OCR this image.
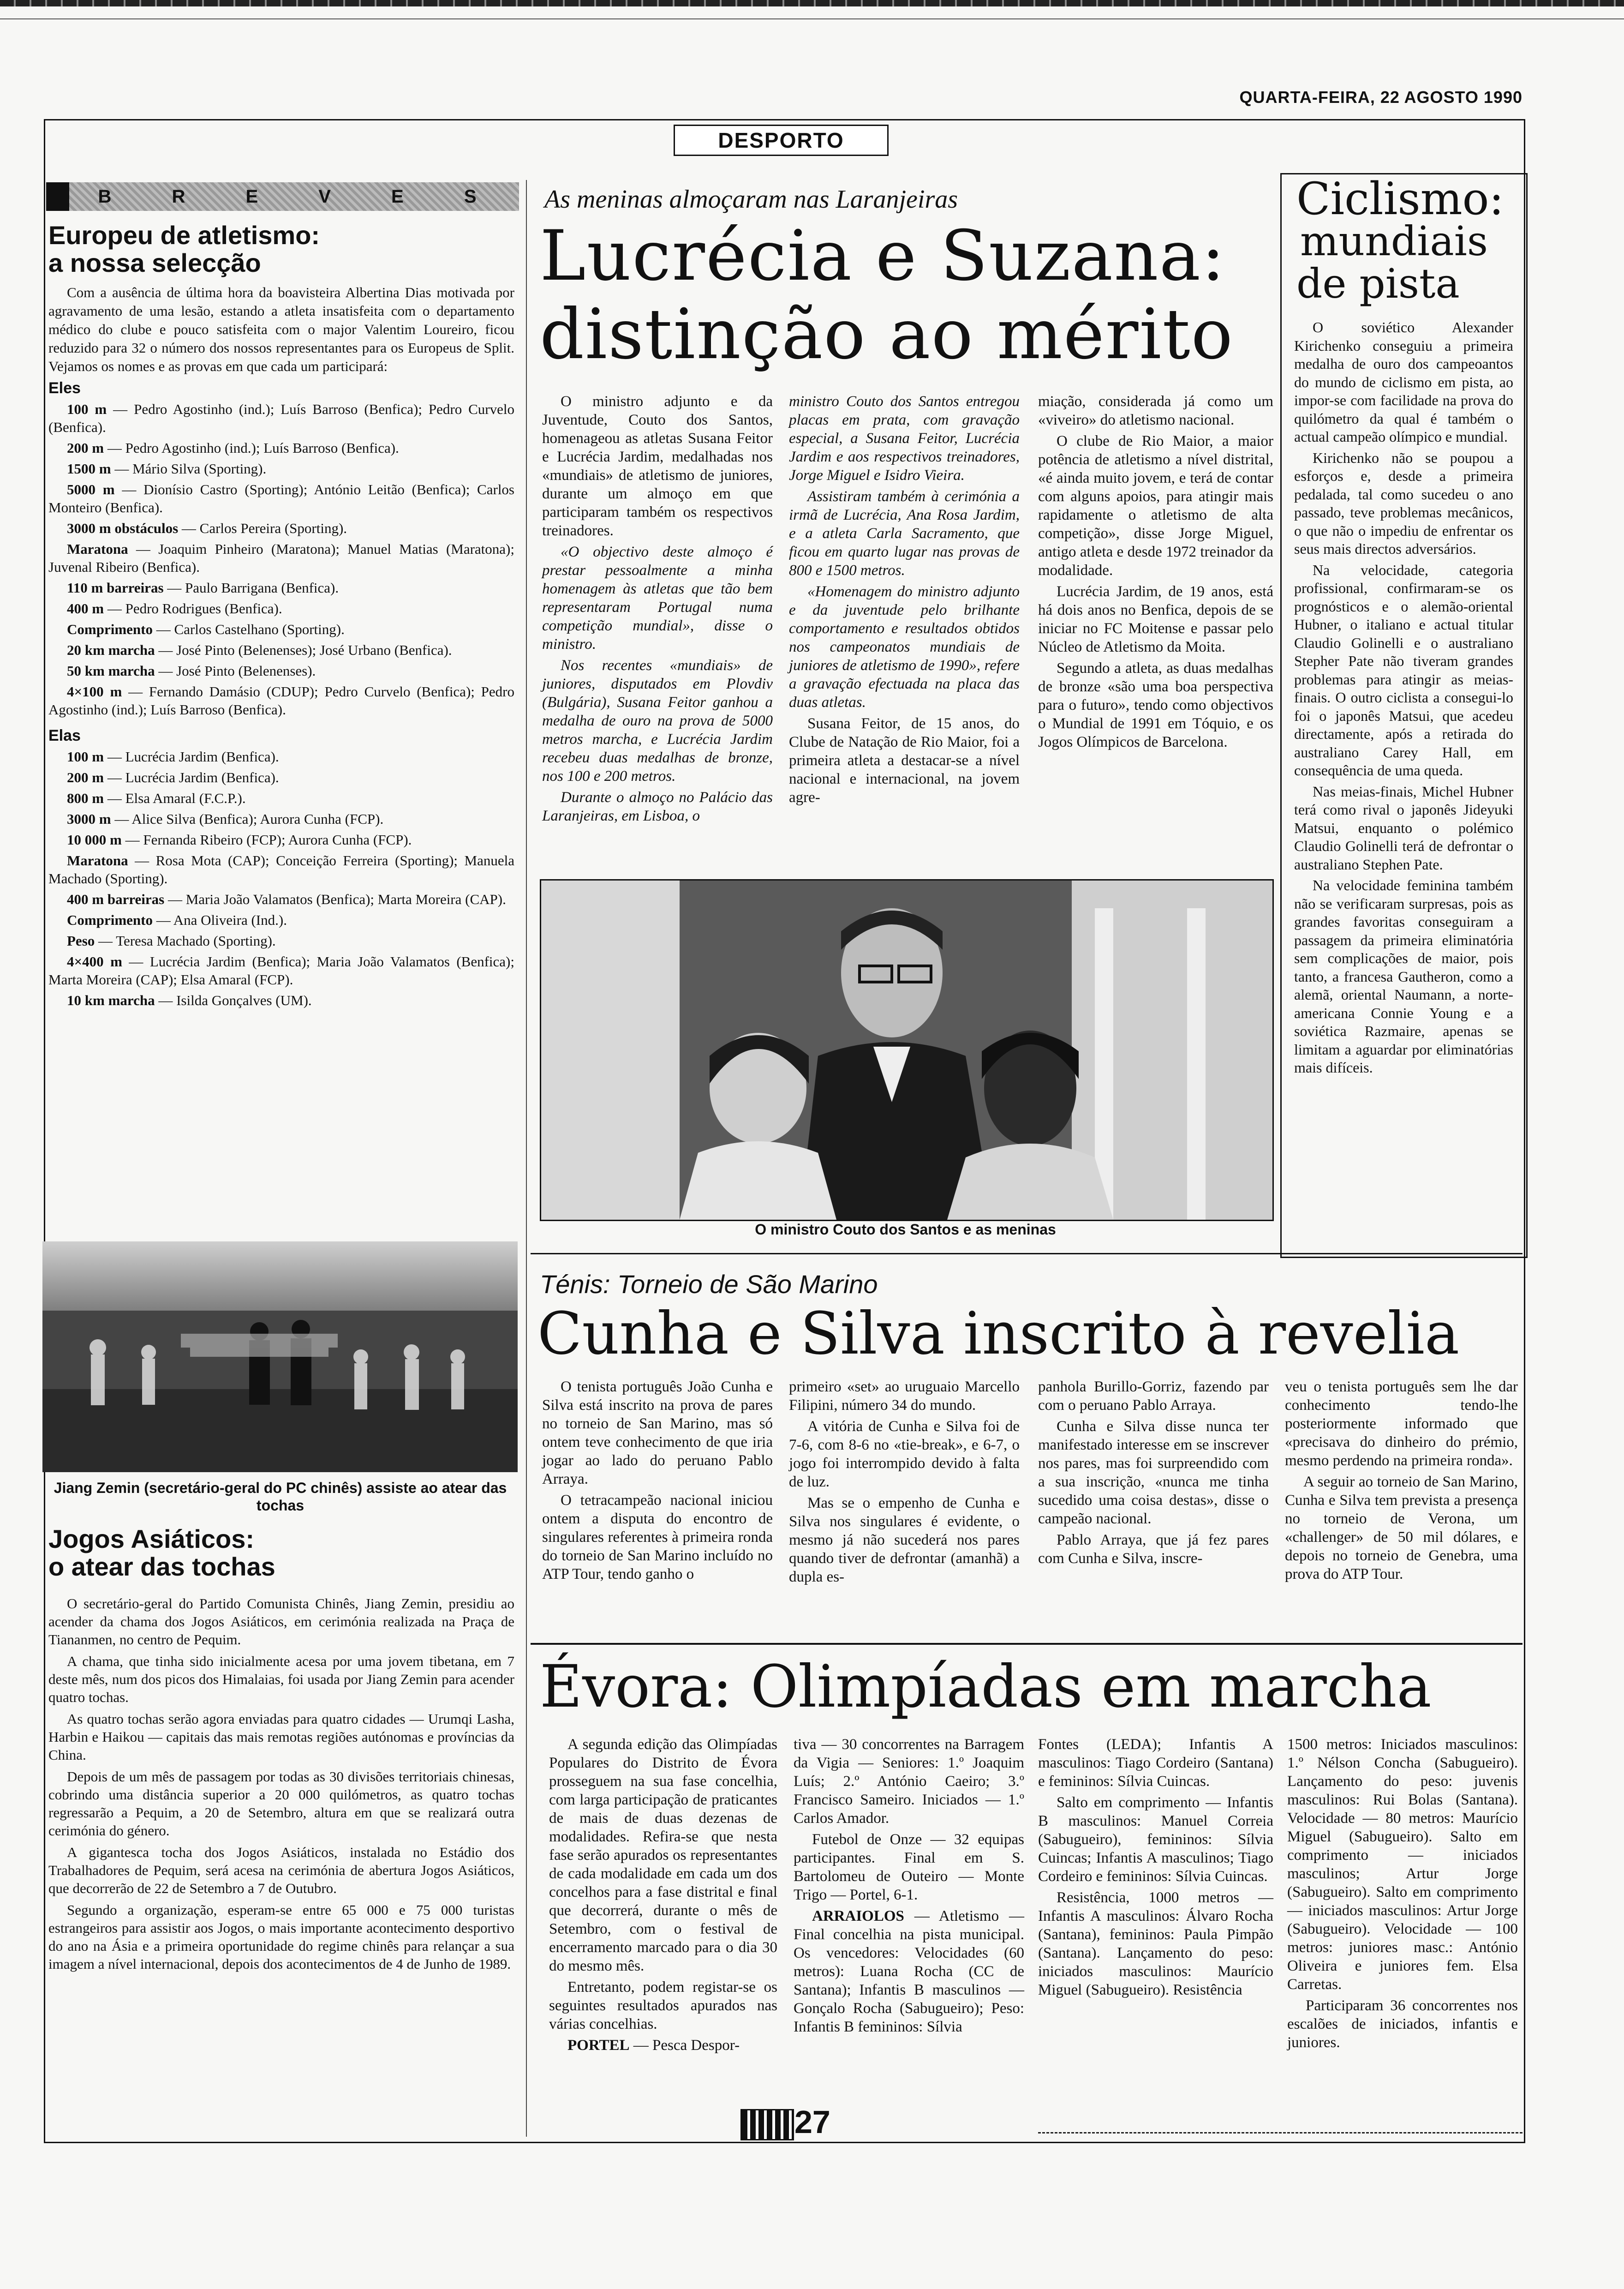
QUARTA-FEIRA, 22 AGOSTO 1990
DESPORTO
B R E V E S
Europeu de atletismo:
a nossa selecção
Com a ausência de última hora da boavisteira Albertina Dias motivada por agravamento de uma lesão, estando a atleta insatisfeita com o departamento médico do clube e pouco satisfeita com o major Valentim Loureiro, ficou reduzido para 32 o número dos nossos representantes para os Europeus de Split. Vejamos os nomes e as provas em que cada um participará:
Eles

100 m — Pedro Agostinho (ind.); Luís Barroso (Benfica); Pedro Curvelo (Benfica).

200 m — Pedro Agostinho (ind.); Luís Barroso (Benfica).

1500 m — Mário Silva (Sporting).

5000 m — Dionísio Castro (Sporting); António Leitão (Benfica); Carlos Monteiro (Benfica).

3000 m obstáculos — Carlos Pereira (Sporting).

Maratona — Joaquim Pinheiro (Maratona); Manuel Matias (Maratona); Juvenal Ribeiro (Benfica).

110 m barreiras — Paulo Barrigana (Benfica).

400 m — Pedro Rodrigues (Benfica).

Comprimento — Carlos Castelhano (Sporting).

20 km marcha — José Pinto (Belenenses); José Urbano (Benfica).

50 km marcha — José Pinto (Belenenses).

4×100 m — Fernando Damásio (CDUP); Pedro Curvelo (Benfica); Pedro Agostinho (ind.); Luís Barroso (Benfica).

Elas

100 m — Lucrécia Jardim (Benfica).

200 m — Lucrécia Jardim (Benfica).

800 m — Elsa Amaral (F.C.P.).

3000 m — Alice Silva (Benfica); Aurora Cunha (FCP).

10 000 m — Fernanda Ribeiro (FCP); Aurora Cunha (FCP).

Maratona — Rosa Mota (CAP); Conceição Ferreira (Sporting); Manuela Machado (Sporting).

400 m barreiras — Maria João Valamatos (Benfica); Marta Moreira (CAP).

Comprimento — Ana Oliveira (Ind.).

Peso — Teresa Machado (Sporting).

4×400 m — Lucrécia Jardim (Benfica); Maria João Valamatos (Benfica); Marta Moreira (CAP); Elsa Amaral (FCP).

10 km marcha — Isilda Gonçalves (UM).

Jiang Zemin (secretário-geral do PC chinês) assiste ao atear das tochas
Jogos Asiáticos:
o atear das tochas

O secretário-geral do Partido Comunista Chinês, Jiang Zemin, presidiu ao acender da chama dos Jogos Asiáticos, em cerimónia realizada na Praça de Tiananmen, no centro de Pequim.

A chama, que tinha sido inicialmente acesa por uma jovem tibetana, em 7 deste mês, num dos picos dos Himalaias, foi usada por Jiang Zemin para acender quatro tochas.

As quatro tochas serão agora enviadas para quatro cidades — Urumqi Lasha, Harbin e Haikou — capitais das mais remotas regiões autónomas e províncias da China.

Depois de um mês de passagem por todas as 30 divisões territoriais chinesas, cobrindo uma distância superior a 20 000 quilómetros, as quatro tochas regressarão a Pequim, a 20 de Setembro, altura em que se realizará outra cerimónia do género.

A gigantesca tocha dos Jogos Asiáticos, instalada no Estádio dos Trabalhadores de Pequim, será acesa na cerimónia de abertura Jogos Asiáticos, que decorrerão de 22 de Setembro a 7 de Outubro.

Segundo a organização, esperam-se entre 65 000 e 75 000 turistas estrangeiros para assistir aos Jogos, o mais importante acontecimento desportivo do ano na Ásia e a primeira oportunidade do regime chinês para relançar a sua imagem a nível internacional, depois dos acontecimentos de 4 de Junho de 1989.

As meninas almoçaram nas Laranjeiras
Lucrécia e Suzana:
distinção ao mérito

O ministro adjunto e da Juventude, Couto dos Santos, homenageou as atletas Susana Feitor e Lucrécia Jardim, medalhadas nos «mundiais» de atletismo de juniores, durante um almoço em que participaram também os respectivos treinadores.

«O objectivo deste almoço é prestar pessoalmente a minha homenagem às atletas que tão bem representaram Portugal numa competição mundial», disse o ministro.

Nos recentes «mundiais» de juniores, disputados em Plovdiv (Bulgária), Susana Feitor ganhou a medalha de ouro na prova de 5000 metros marcha, e Lucrécia Jardim recebeu duas medalhas de bronze, nos 100 e 200 metros.

Durante o almoço no Palácio das Laranjeiras, em Lisboa, o

ministro Couto dos Santos entregou placas em prata, com gravação especial, a Susana Feitor, Lucrécia Jardim e aos respectivos treinadores, Jorge Miguel e Isidro Vieira.

Assistiram também à cerimónia a irmã de Lucrécia, Ana Rosa Jardim, e a atleta Carla Sacramento, que ficou em quarto lugar nas provas de 800 e 1500 metros.

«Homenagem do ministro adjunto e da juventude pelo brilhante comportamento e resultados obtidos nos campeonatos mundiais de juniores de atletismo de 1990», refere a gravação efectuada na placa das duas atletas.

Susana Feitor, de 15 anos, do Clube de Natação de Rio Maior, foi a primeira atleta a destacar-se a nível nacional e internacional, na jovem agre-

miação, considerada já como um «viveiro» do atletismo nacional.

O clube de Rio Maior, a maior potência de atletismo a nível distrital, «é ainda muito jovem, e terá de contar com alguns apoios, para atingir mais rapidamente o atletismo de alta competição», disse Jorge Miguel, antigo atleta e desde 1972 treinador da modalidade.

Lucrécia Jardim, de 19 anos, está há dois anos no Benfica, depois de se iniciar no FC Moitense e passar pelo Núcleo de Atletismo da Moita.

Segundo a atleta, as duas medalhas de bronze «são uma boa perspectiva para o futuro», tendo como objectivos o Mundial de 1991 em Tóquio, e os Jogos Olímpicos de Barcelona.

O ministro Couto dos Santos e as meninas
Ciclismo:
mundiais
de pista

O soviético Alexander Kirichenko conseguiu a primeira medalha de ouro dos campeoantos do mundo de ciclismo em pista, ao impor-se com facilidade na prova do quilómetro da qual é também o actual campeão olímpico e mundial.

Kirichenko não se poupou a esforços e, desde a primeira pedalada, tal como sucedeu o ano passado, teve problemas mecânicos, o que não o impediu de enfrentar os seus mais directos adversários.

Na velocidade, categoria profissional, confirmaram-se os prognósticos e o alemão-oriental Hubner, o italiano e actual titular Claudio Golinelli e o australiano Stepher Pate não tiveram grandes problemas para atingir as meias-finais. O outro ciclista a consegui-lo foi o japonês Matsui, que acedeu directamente, após a retirada do australiano Carey Hall, em consequência de uma queda.

Nas meias-finais, Michel Hubner terá como rival o japonês Jideyuki Matsui, enquanto o polémico Claudio Golinelli terá de defrontar o australiano Stephen Pate.

Na velocidade feminina também não se verificaram surpresas, pois as grandes favoritas conseguiram a passagem da primeira eliminatória sem complicações de maior, pois tanto, a francesa Gautheron, como a alemã, oriental Naumann, a norte-americana Connie Young e a soviética Razmaire, apenas se limitam a aguardar por eliminatórias mais difíceis.

Ténis: Torneio de São Marino
Cunha e Silva inscrito à revelia

O tenista português João Cunha e Silva está inscrito na prova de pares no torneio de San Marino, mas só ontem teve conhecimento de que iria jogar ao lado do peruano Pablo Arraya.

O tetracampeão nacional iniciou ontem a disputa do encontro de singulares referentes à primeira ronda do torneio de San Marino incluído no ATP Tour, tendo ganho o

primeiro «set» ao uruguaio Marcello Filipini, número 34 do mundo.

A vitória de Cunha e Silva foi de 7-6, com 8-6 no «tie-break», e 6-7, o jogo foi interrompido devido à falta de luz.

Mas se o empenho de Cunha e Silva nos singulares é evidente, o mesmo já não sucederá nos pares quando tiver de defrontar (amanhã) a dupla es-

panhola Burillo-Gorriz, fazendo par com o peruano Pablo Arraya.

Cunha e Silva disse nunca ter manifestado interesse em se inscrever nos pares, mas foi surpreendido com a sua inscrição, «nunca me tinha sucedido uma coisa destas», disse o campeão nacional.

Pablo Arraya, que já fez pares com Cunha e Silva, inscre-

veu o tenista português sem lhe dar conhecimento tendo-lhe posteriormente informado que «precisava do dinheiro do prémio, mesmo perdendo na primeira ronda».

A seguir ao torneio de San Marino, Cunha e Silva tem prevista a presença no torneio de Verona, um «challenger» de 50 mil dólares, e depois no torneio de Genebra, uma prova do ATP Tour.

Évora: Olimpíadas em marcha

A segunda edição das Olimpíadas Populares do Distrito de Évora prosseguem na sua fase concelhia, com larga participação de praticantes de mais de duas dezenas de modalidades. Refira-se que nesta fase serão apurados os representantes de cada modalidade em cada um dos concelhos para a fase distrital e final que decorrerá, durante o mês de Setembro, com o festival de encerramento marcado para o dia 30 do mesmo mês.

Entretanto, podem registar-se os seguintes resultados apurados nas várias concelhias.

PORTEL — Pesca Despor-

tiva — 30 concorrentes na Barragem da Vigia — Seniores: 1.º Joaquim Luís; 2.º António Caeiro; 3.º Francisco Sameiro. Iniciados — 1.º Carlos Amador.

Futebol de Onze — 32 equipas participantes. Final em S. Bartolomeu de Outeiro — Monte Trigo — Portel, 6-1.

ARRAIOLOS — Atletismo — Final concelhia na pista municipal. Os vencedores: Velocidades (60 metros): Luana Rocha (CC de Santana); Infantis B masculinos — Gonçalo Rocha (Sabugueiro); Peso: Infantis B femininos: Sílvia

Fontes (LEDA); Infantis A masculinos: Tiago Cordeiro (Santana) e femininos: Sílvia Cuincas.

Salto em comprimento — Infantis B masculinos: Manuel Correia (Sabugueiro), femininos: Sílvia Cuincas; Infantis A masculinos; Tiago Cordeiro e femininos: Sílvia Cuincas.

Resistência, 1000 metros — Infantis A masculinos: Álvaro Rocha (Santana), femininos: Paula Pimpão (Santana). Lançamento do peso: iniciados masculinos: Maurício Miguel (Sabugueiro). Resistência

1500 metros: Iniciados masculinos: 1.º Nélson Concha (Sabugueiro). Lançamento do peso: juvenis masculinos: Rui Bolas (Santana). Velocidade — 80 metros: Maurício Miguel (Sabugueiro). Salto em comprimento — iniciados masculinos; Artur Jorge (Sabugueiro). Salto em comprimento — iniciados masculinos: Artur Jorge (Sabugueiro). Velocidade — 100 metros: juniores masc.: António Oliveira e juniores fem. Elsa Carretas.

Participaram 36 concorrentes nos escalões de iniciados, infantis e juniores.

27
